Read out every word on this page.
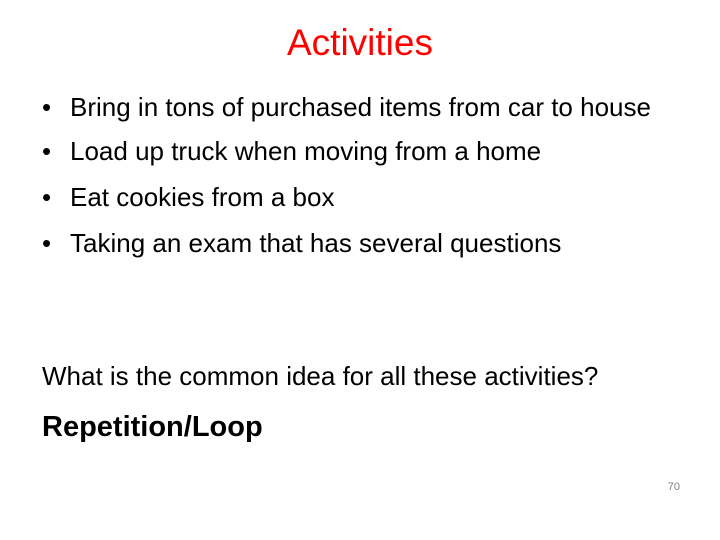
Activities
• Bring in tons of purchased items from car to house
• Load up truck when moving from a home
• Eat cookies from a box
• Taking an exam that has several questions

What is the common idea for all these activities?

Repetition/Loop

70
